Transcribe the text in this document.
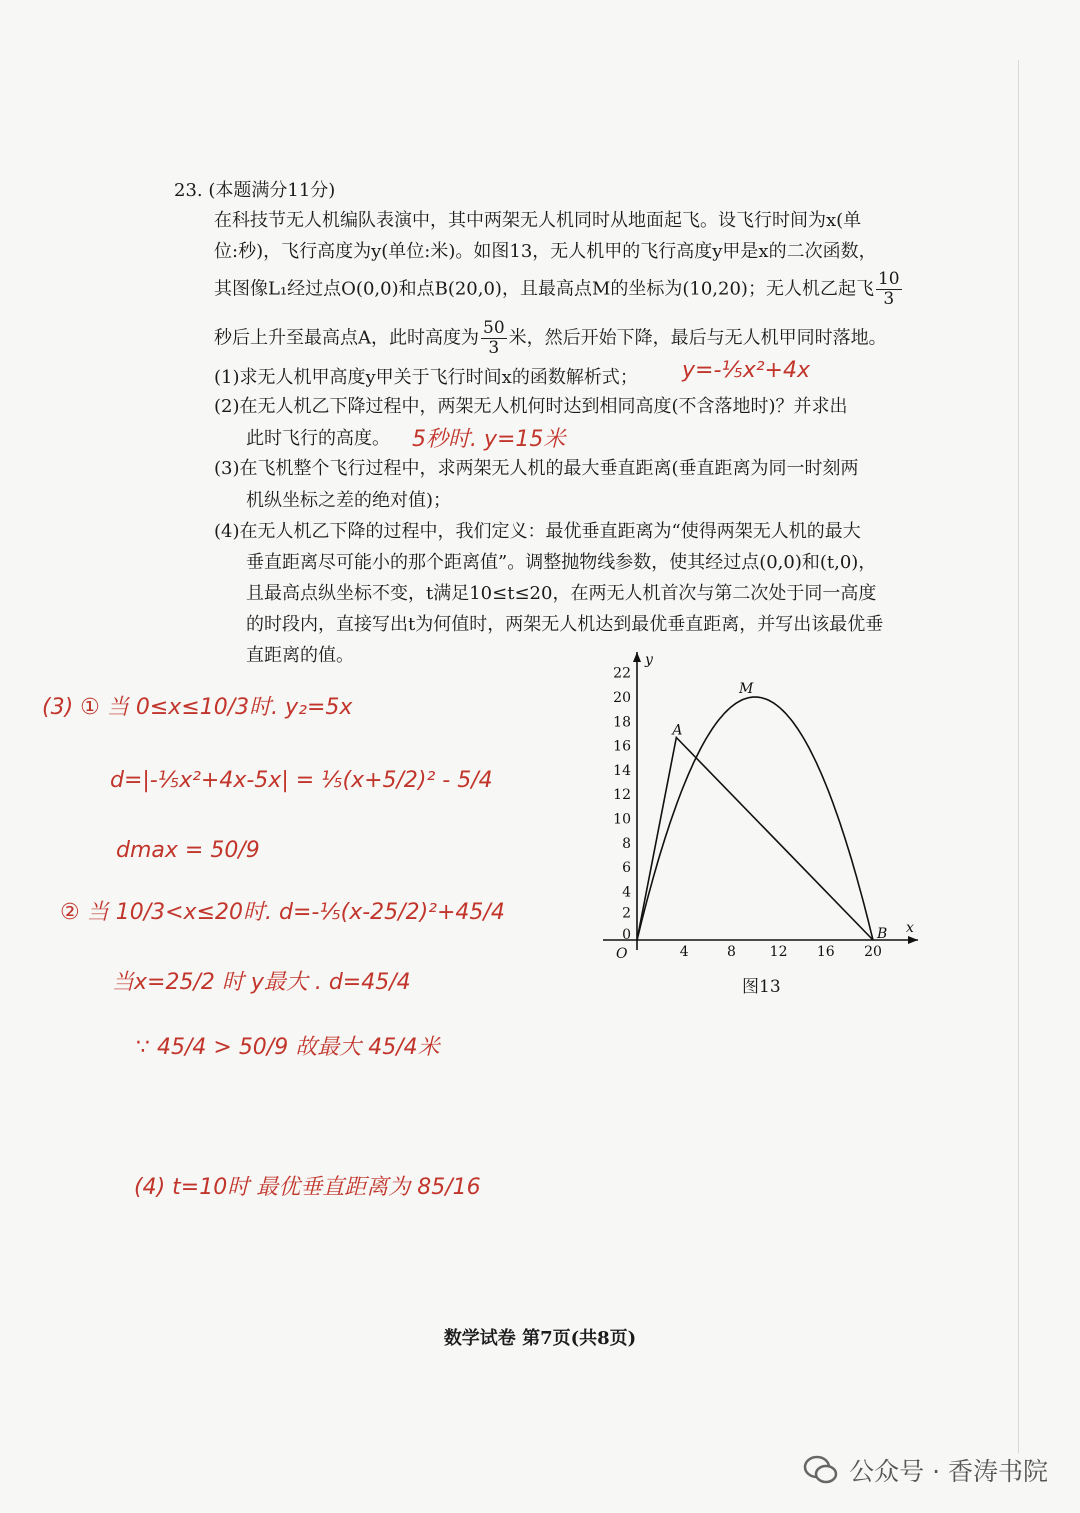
23. (本题满分11分)
在科技节无人机编队表演中，其中两架无人机同时从地面起飞。设飞行时间为x(单
位:秒)，飞行高度为y(单位:米)。如图13，无人机甲的飞行高度y甲是x的二次函数，
其图像L₁经过点O(0,0)和点B(20,0)，且最高点M的坐标为(10,20)；无人机乙起飞 $\frac{10}{3}$
秒后上升至最高点A，此时高度为 $\frac{50}{3}$ 米，然后开始下降，最后与无人机甲同时落地。
(1)求无人机甲高度y甲关于飞行时间x的函数解析式；
(2)在无人机乙下降过程中，两架无人机何时达到相同高度(不含落地时)？并求出
此时飞行的高度。
(3)在飞机整个飞行过程中，求两架无人机的最大垂直距离(垂直距离为同一时刻两
机纵坐标之差的绝对值)；
(4)在无人机乙下降的过程中，我们定义：最优垂直距离为“使得两架无人机的最大
垂直距离尽可能小的那个距离值”。调整抛物线参数，使其经过点(0,0)和(t,0)，
且最高点纵坐标不变，t满足10≤t≤20，在两无人机首次与第二次处于同一高度
的时段内，直接写出t为何值时，两架无人机达到最优垂直距离，并写出该最优垂
直距离的值。
y=-⅕x²+4x
5秒时. y=15米
(3) ① 当 0≤x≤10/3时. y₂=5x
d=|-⅕x²+4x-5x| = ⅕(x+5/2)² - 5/4
dmax = 50/9
② 当 10/3<x≤20时. d=-⅕(x-25/2)²+45/4
当x=25/2 时 y最大 . d=45/4
∵ 45/4 > 50/9 故最大 45/4米
(4) t=10时 最优垂直距离为 85/16
x
y
O	4	8 12 16 20
0
2
4
6
8
10
12
14
16
18
20
22
A
M
B
图13
数学试卷 第7页(共8页)
公众号 · 香涛书院
